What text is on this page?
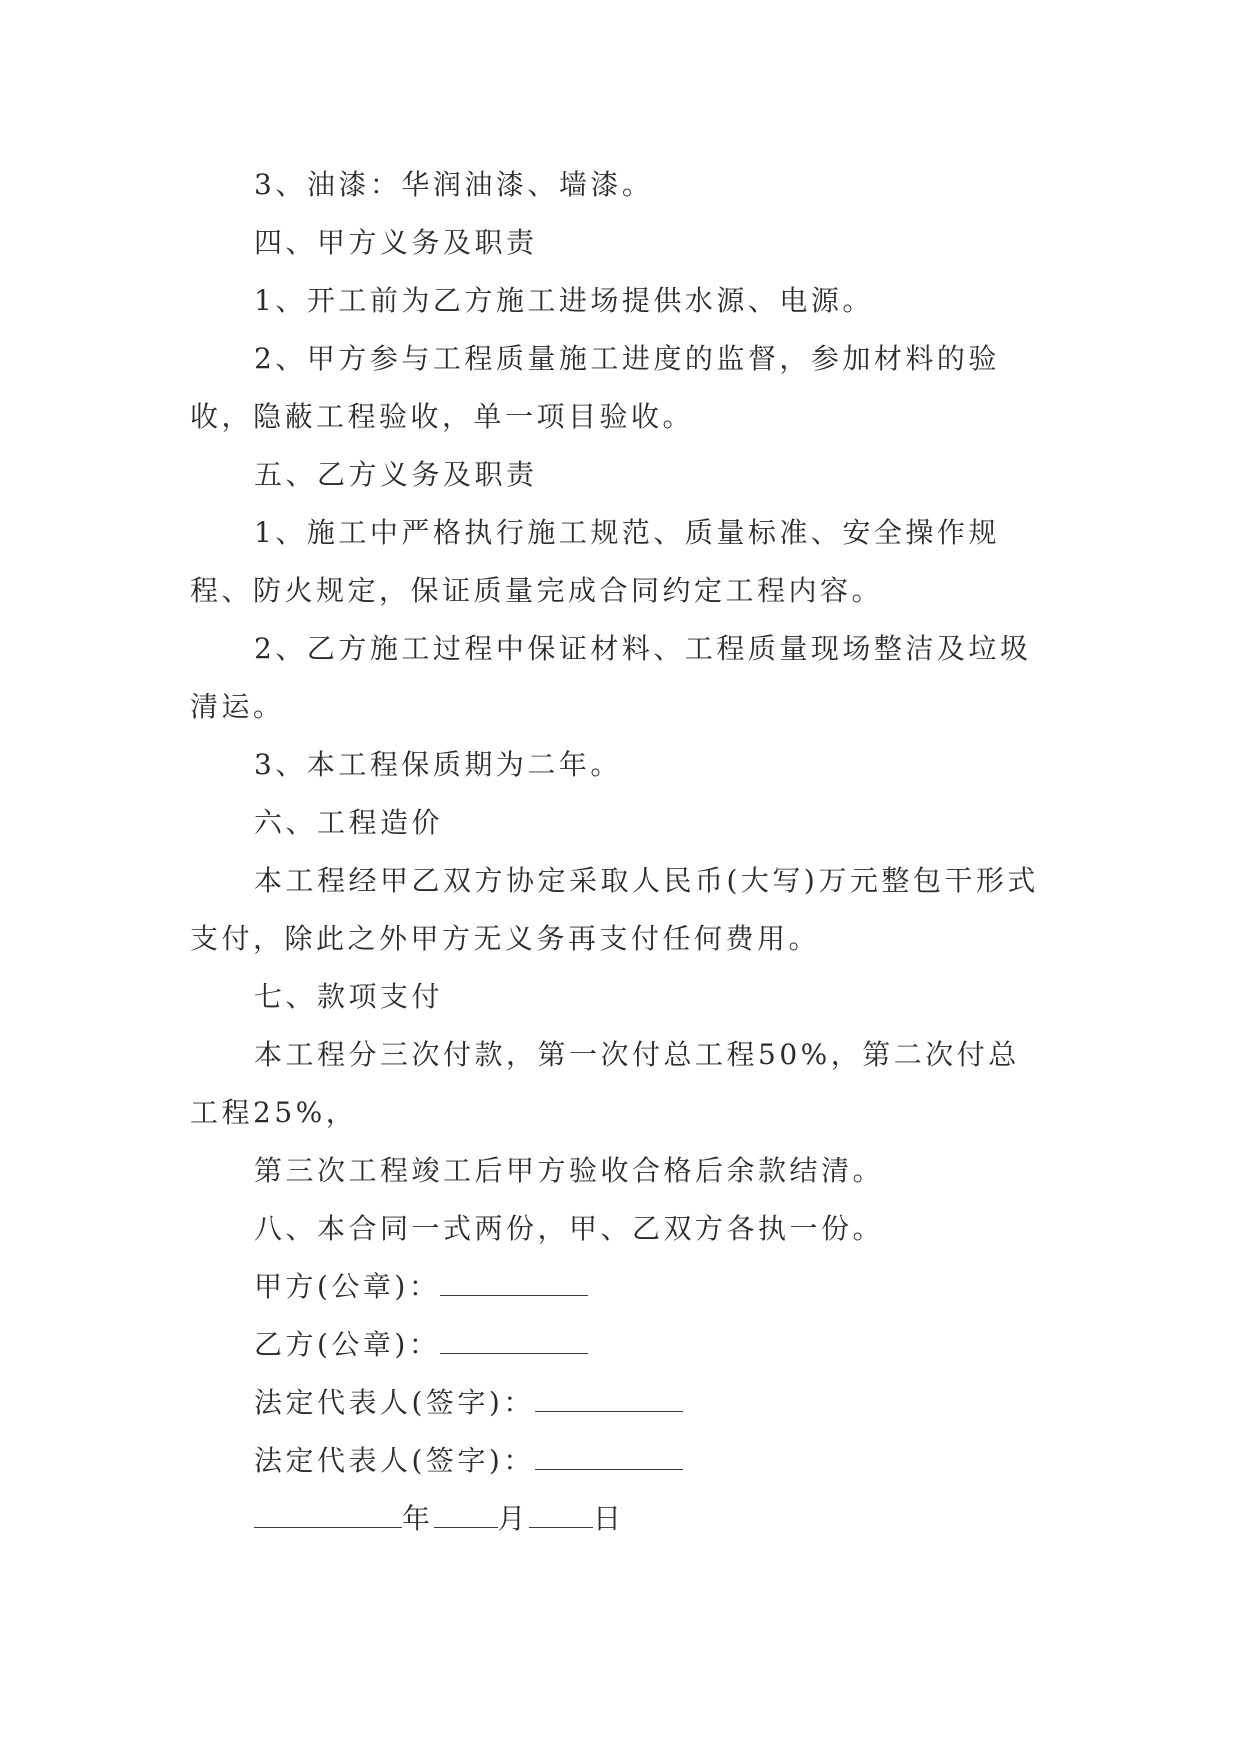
3、油漆：华润油漆、墙漆。

四、甲方义务及职责

1、开工前为乙方施工进场提供水源、电源。

2、甲方参与工程质量施工进度的监督，参加材料的验收，隐蔽工程验收，单一项目验收。

五、乙方义务及职责

1、施工中严格执行施工规范、质量标准、安全操作规程、防火规定，保证质量完成合同约定工程内容。

2、乙方施工过程中保证材料、工程质量现场整洁及垃圾清运。

3、本工程保质期为二年。

六、工程造价

本工程经甲乙双方协定采取人民币(大写)万元整包干形式支付，除此之外甲方无义务再支付任何费用。

七、款项支付

本工程分三次付款，第一次付总工程50%，第二次付总工程25%，

第三次工程竣工后甲方验收合格后余款结清。

八、本合同一式两份，甲、乙双方各执一份。

甲方(公章)：

乙方(公章)：

法定代表人(签字)：

法定代表人(签字)：

年 月 日
